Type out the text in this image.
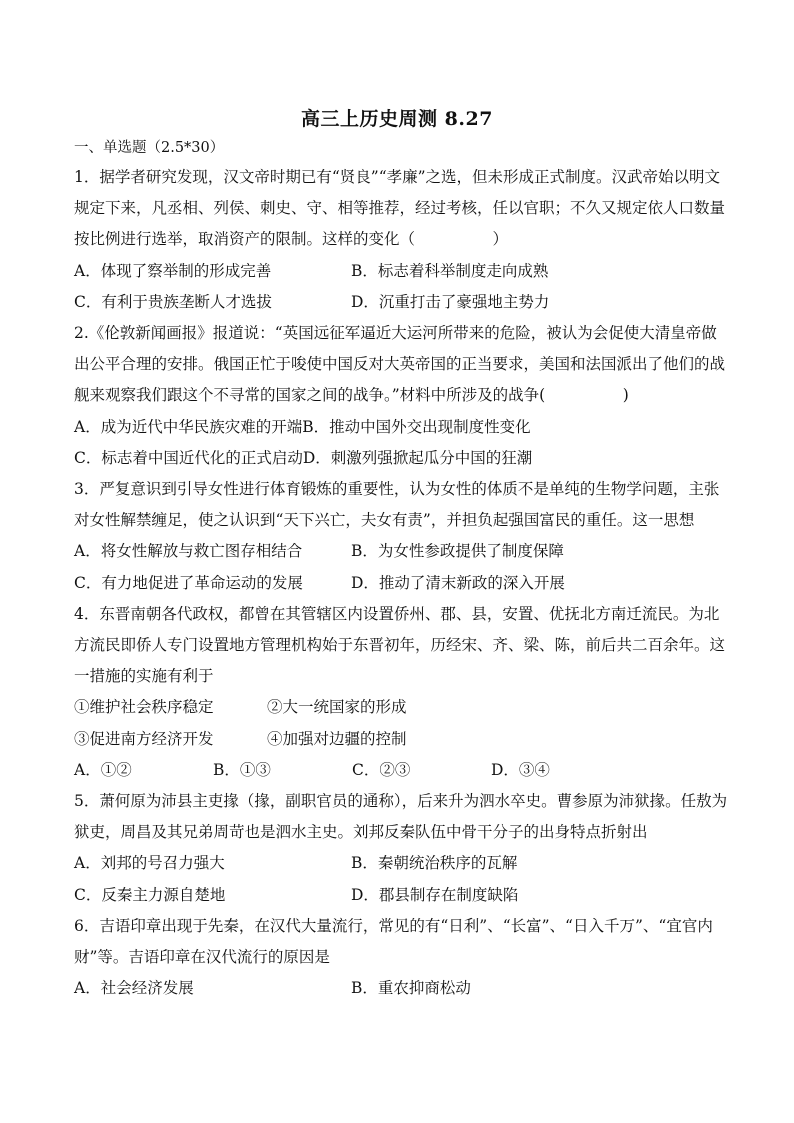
高三上历史周测 8.27
一、单选题（2.5*30）

1．据学者研究发现，汉文帝时期已有“贤良”“孝廉”之选，但未形成正式制度。汉武帝始以明文规定下来，凡丞相、列侯、刺史、守、相等推荐，经过考核，任以官职；不久又规定依人口数量按比例进行选举，取消资产的限制。这样的变化（　　　　　）

A．体现了察举制的形成完善	B．标志着科举制度走向成熟
C．有利于贵族垄断人才选拔	D．沉重打击了豪强地主势力

2.《伦敦新闻画报》报道说：“英国远征军逼近大运河所带来的危险，被认为会促使大清皇帝做出公平合理的安排。俄国正忙于唆使中国反对大英帝国的正当要求，美国和法国派出了他们的战舰来观察我们跟这个不寻常的国家之间的战争。”材料中所涉及的战争(　　　　　)

A．成为近代中华民族灾难的开端 B．推动中国外交出现制度性变化
C．标志着中国近代化的正式启动 D．刺激列强掀起瓜分中国的狂潮

3．严复意识到引导女性进行体育锻炼的重要性，认为女性的体质不是单纯的生物学问题，主张对女性解禁缠足，使之认识到“天下兴亡，夫女有责”，并担负起强国富民的重任。这一思想

A．将女性解放与救亡图存相结合	B．为女性参政提供了制度保障
C．有力地促进了革命运动的发展	D．推动了清末新政的深入开展

4．东晋南朝各代政权，都曾在其管辖区内设置侨州、郡、县，安置、优抚北方南迁流民。为北方流民即侨人专门设置地方管理机构始于东晋初年，历经宋、齐、梁、陈，前后共二百余年。这一措施的实施有利于

①维护社会秩序稳定	②大一统国家的形成
③促进南方经济开发	④加强对边疆的控制
A．①②	B．①③	C．②③	D．③④

5．萧何原为沛县主吏掾（掾，副职官员的通称），后来升为泗水卒史。曹参原为沛狱掾。任敖为狱吏，周昌及其兄弟周苛也是泗水主史。刘邦反秦队伍中骨干分子的出身特点折射出

A．刘邦的号召力强大	B．秦朝统治秩序的瓦解
C．反秦主力源自楚地	D．郡县制存在制度缺陷

6．吉语印章出现于先秦，在汉代大量流行，常见的有“日利”、“长富”、“日入千万”、“宜官内财”等。吉语印章在汉代流行的原因是

A．社会经济发展	B．重农抑商松动
